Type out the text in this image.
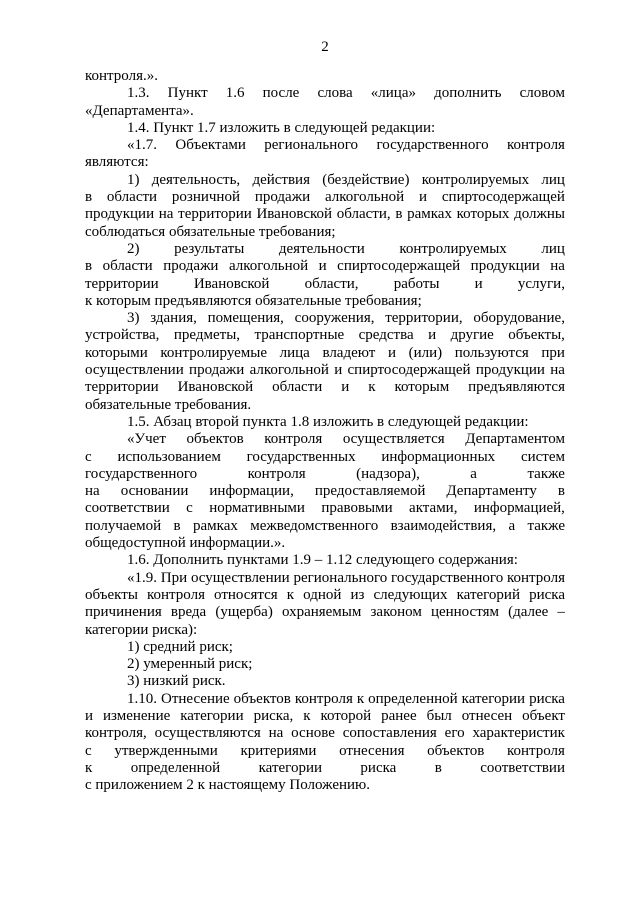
2
контроля.».
1.3. Пункт 1.6 после слова «лица» дополнить словом
«Департамента».
1.4. Пункт 1.7 изложить в следующей редакции:
«1.7. Объектами регионального государственного контроля
являются:
1) деятельность, действия (бездействие) контролируемых лиц
в области розничной продажи алкогольной и спиртосодержащей
продукции на территории Ивановской области, в рамках которых должны
соблюдаться обязательные требования;
2) результаты деятельности контролируемых лиц
в области продажи алкогольной и спиртосодержащей продукции на
территории Ивановской области, работы и услуги,
к которым предъявляются обязательные требования;
3) здания, помещения, сооружения, территории, оборудование,
устройства, предметы, транспортные средства и другие объекты,
которыми контролируемые лица владеют и (или) пользуются при
осуществлении продажи алкогольной и спиртосодержащей продукции на
территории Ивановской области и к которым предъявляются
обязательные требования.
1.5. Абзац второй пункта 1.8 изложить в следующей редакции:
«Учет объектов контроля осуществляется Департаментом
с использованием государственных информационных систем
государственного	контроля	(надзора),	а	также
на основании информации, предоставляемой Департаменту в
соответствии с нормативными правовыми актами, информацией,
получаемой в рамках межведомственного взаимодействия, а также
общедоступной информации.».
1.6. Дополнить пунктами 1.9 – 1.12 следующего содержания:
«1.9. При осуществлении регионального государственного контроля
объекты контроля относятся к одной из следующих категорий риска
причинения вреда (ущерба) охраняемым законом ценностям (далее –
категории риска):
1) средний риск;
2) умеренный риск;
3) низкий риск.
1.10. Отнесение объектов контроля к определенной категории риска
и изменение категории риска, к которой ранее был отнесен объект
контроля, осуществляются на основе сопоставления его характеристик
с утвержденными критериями отнесения объектов контроля
к	определенной	категории	риска	в	соответствии
с приложением 2 к настоящему Положению.
